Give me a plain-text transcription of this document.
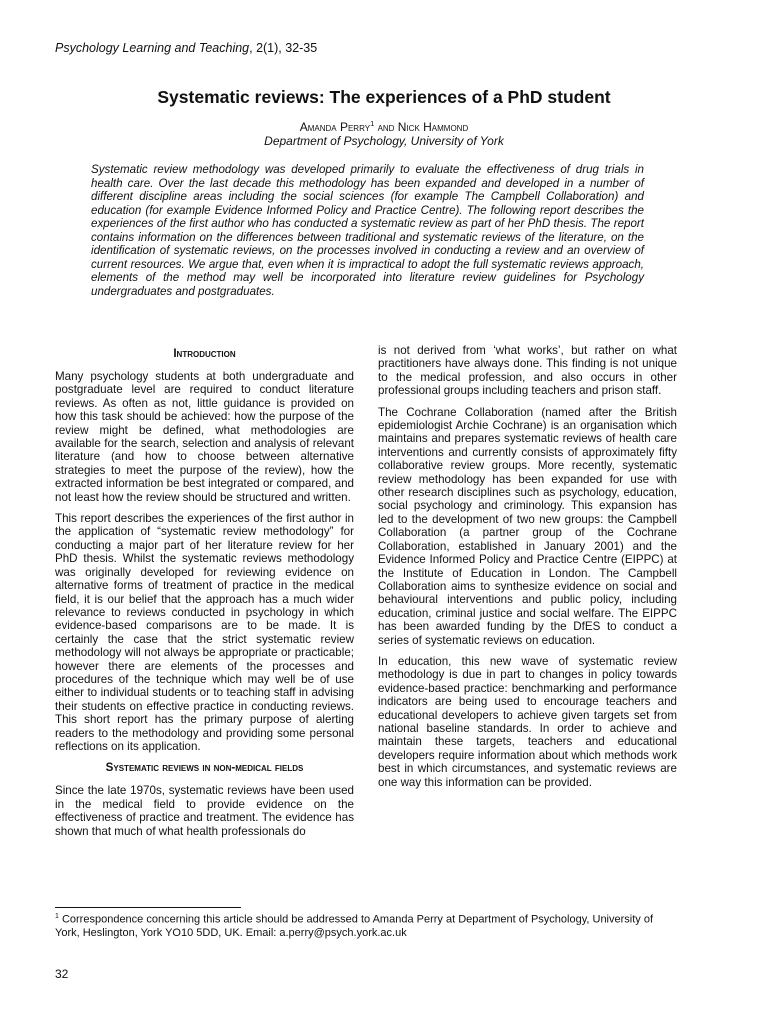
Psychology Learning and Teaching, 2(1), 32-35
Systematic reviews: The experiences of a PhD student
Amanda Perry$^1$ and Nick Hammond
Department of Psychology, University of York

Systematic review methodology was developed primarily to evaluate the effectiveness of drug trials in health care. Over the last decade this methodology has been expanded and developed in a number of different discipline areas including the social sciences (for example The Campbell Collaboration) and education (for example Evidence Informed Policy and Practice Centre). The following report describes the experiences of the first author who has conducted a systematic review as part of her PhD thesis. The report contains information on the differences between traditional and systematic reviews of the literature, on the identification of systematic reviews, on the processes involved in conducting a review and an overview of current resources. We argue that, even when it is impractical to adopt the full systematic reviews approach, elements of the method may well be incorporated into literature review guidelines for Psychology undergraduates and postgraduates.

Introduction

Many psychology students at both undergraduate and postgraduate level are required to conduct literature reviews. As often as not, little guidance is provided on how this task should be achieved: how the purpose of the review might be defined, what methodologies are available for the search, selection and analysis of relevant literature (and how to choose between alternative strategies to meet the purpose of the review), how the extracted information be best integrated or compared, and not least how the review should be structured and written.

This report describes the experiences of the first author in the application of “systematic review methodology” for conducting a major part of her literature review for her PhD thesis. Whilst the systematic reviews methodology was originally developed for reviewing evidence on alternative forms of treatment of practice in the medical field, it is our belief that the approach has a much wider relevance to reviews conducted in psychology in which evidence-based comparisons are to be made. It is certainly the case that the strict systematic review methodology will not always be appropriate or practicable; however there are elements of the processes and procedures of the technique which may well be of use either to individual students or to teaching staff in advising their students on effective practice in conducting reviews. This short report has the primary purpose of alerting readers to the methodology and providing some personal reflections on its application.

Systematic reviews in non-medical fields

Since the late 1970s, systematic reviews have been used in the medical field to provide evidence on the effectiveness of practice and treatment. The evidence has shown that much of what health professionals do

is not derived from ‘what works’, but rather on what practitioners have always done. This finding is not unique to the medical profession, and also occurs in other professional groups including teachers and prison staff.

The Cochrane Collaboration (named after the British epidemiologist Archie Cochrane) is an organisation which maintains and prepares systematic reviews of health care interventions and currently consists of approximately fifty collaborative review groups. More recently, systematic review methodology has been expanded for use with other research disciplines such as psychology, education, social psychology and criminology. This expansion has led to the development of two new groups: the Campbell Collaboration (a partner group of the Cochrane Collaboration, established in January 2001) and the Evidence Informed Policy and Practice Centre (EIPPC) at the Institute of Education in London. The Campbell Collaboration aims to synthesize evidence on social and behavioural interventions and public policy, including education, criminal justice and social welfare. The EIPPC has been awarded funding by the DfES to conduct a series of systematic reviews on education.

In education, this new wave of systematic review methodology is due in part to changes in policy towards evidence-based practice: benchmarking and performance indicators are being used to encourage teachers and educational developers to achieve given targets set from national baseline standards. In order to achieve and maintain these targets, teachers and educational developers require information about which methods work best in which circumstances, and systematic reviews are one way this information can be provided.

$^1$ Correspondence concerning this article should be addressed to Amanda Perry at Department of Psychology, University of York, Heslington, York YO10 5DD, UK. Email: a.perry@psych.york.ac.uk

32
